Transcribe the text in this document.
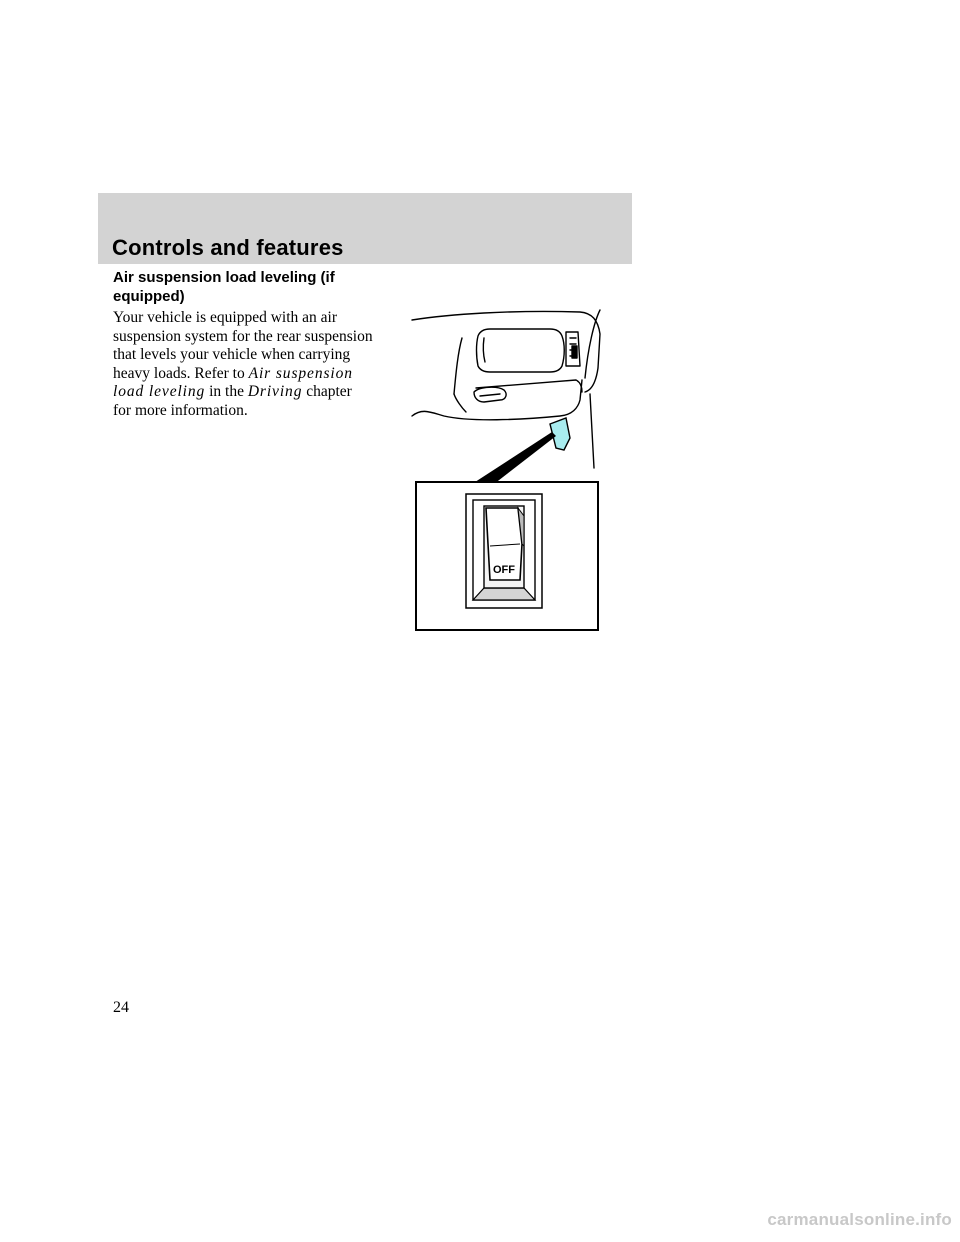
Controls and features
Air suspension load leveling (if equipped)

Your vehicle is equipped with an air suspension system for the rear suspension that levels your vehicle when carrying heavy loads. Refer to Air suspension load leveling in the Driving chapter for more information.

OFF

24

carmanualsonline.info
